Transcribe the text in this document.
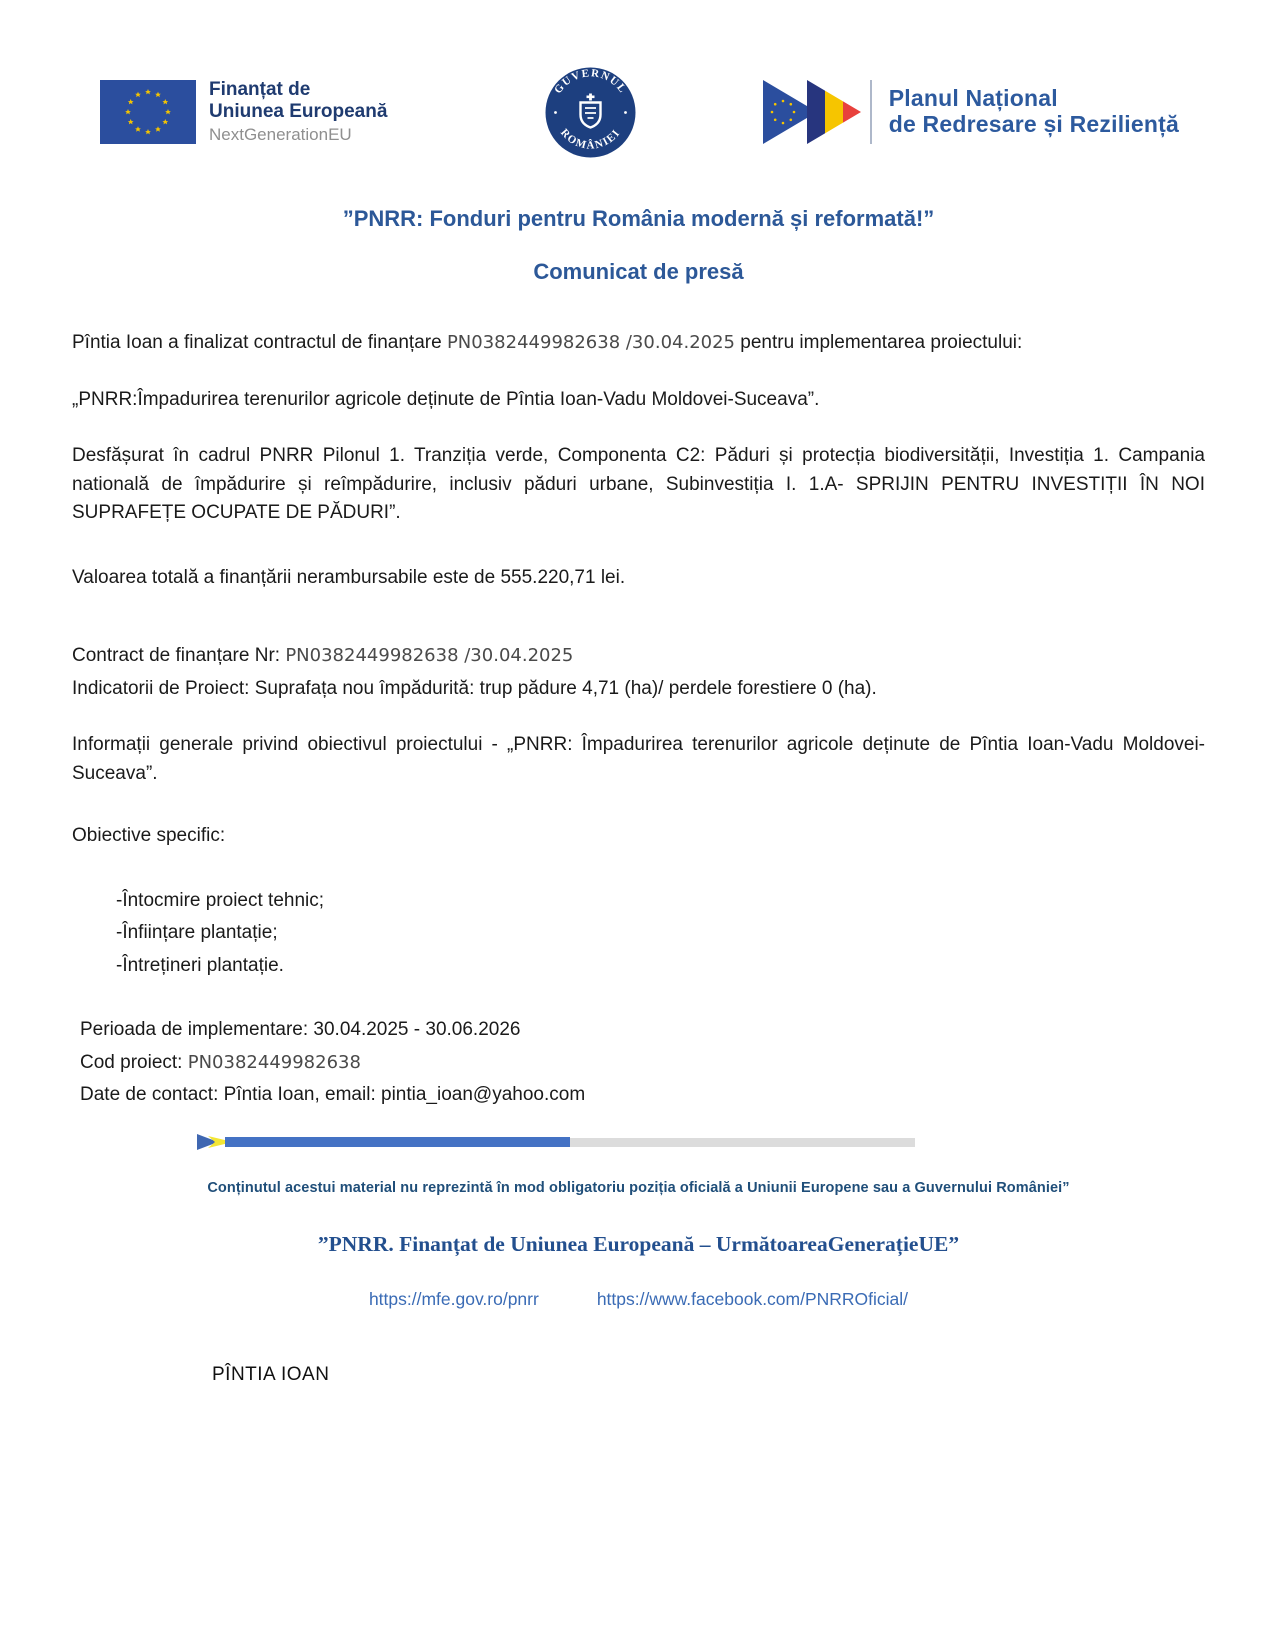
Finanțat de
Uniunea Europeană
NextGenerationEU
GUVERNUL
ROMÂNIEI
Planul Național
de Redresare și Reziliență
”PNRR: Fonduri pentru România modernă și reformată!”
Comunicat de presă

Pîntia Ioan a finalizat contractul de finanțare PN0382449982638 /30.04.2025 pentru implementarea proiectului:

„PNRR:Împadurirea terenurilor agricole deținute de Pîntia Ioan-Vadu Moldovei-Suceava”.

Desfășurat în cadrul PNRR Pilonul 1. Tranziția verde, Componenta C2: Păduri și protecția biodiversității, Investiția 1. Campania natională de împădurire și reîmpădurire, inclusiv păduri urbane, Subinvestiția I. 1.A- SPRIJIN PENTRU INVESTIȚII ÎN NOI SUPRAFEȚE OCUPATE DE PĂDURI”.

Valoarea totală a finanțării nerambursabile este de 555.220,71 lei.

Contract de finanțare Nr: PN0382449982638 /30.04.2025

Indicatorii de Proiect: Suprafața nou împădurită: trup pădure 4,71 (ha)/ perdele forestiere 0 (ha).

Informații generale privind obiectivul proiectului - „PNRR: Împadurirea terenurilor agricole deținute de Pîntia Ioan-Vadu Moldovei-Suceava”.

Obiective specific:

-Întocmire proiect tehnic;
-Înființare plantație;
-Întrețineri plantație.
Perioada de implementare: 30.04.2025 - 30.06.2026
Cod proiect: PN0382449982638
Date de contact: Pîntia Ioan, email: pintia_ioan@yahoo.com
Conținutul acestui material nu reprezintă în mod obligatoriu poziția oficială a Uniunii Europene sau a Guvernului României”
”PNRR. Finanțat de Uniunea Europeană – UrmătoareaGenerațieUE”
https://mfe.gov.ro/pnrr	https://www.facebook.com/PNRROficial/
PÎNTIA IOAN
